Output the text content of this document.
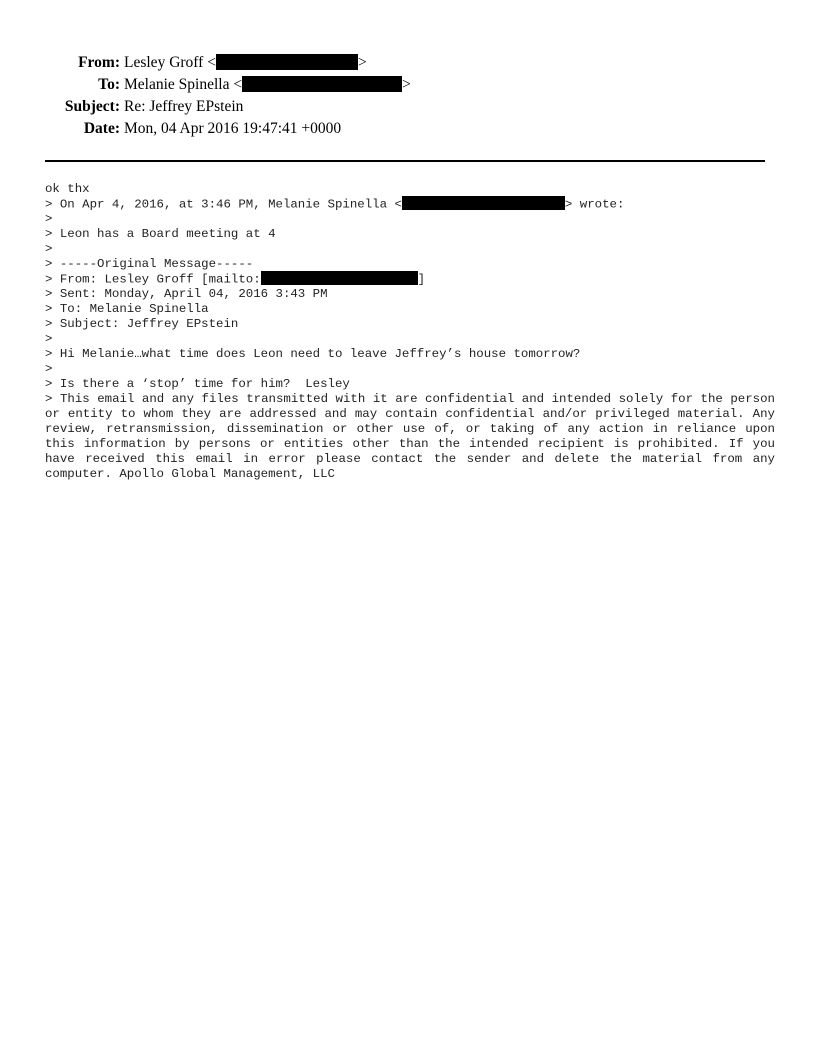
From: Lesley Groff <	>
To: Melanie Spinella <	>
Subject: Re: Jeffrey EPstein
Date: Mon, 04 Apr 2016 19:47:41 +0000
ok thx
> On Apr 4, 2016, at 3:46 PM, Melanie Spinella <	> wrote:
>
> Leon has a Board meeting at 4
>
> -----Original Message-----
> From: Lesley Groff [mailto:	]
> Sent: Monday, April 04, 2016 3:43 PM
> To: Melanie Spinella
> Subject: Jeffrey EPstein
>
> Hi Melanie…what time does Leon need to leave Jeffrey’s house tomorrow?
>
> Is there a ‘stop’ time for him?  Lesley
> This email and any files transmitted with it are confidential and intended solely for the person or entity to whom they are addressed and may contain confidential and/or privileged material. Any review, retransmission, dissemination or other use of, or taking of any action in reliance upon this information by persons or entities other than the intended recipient is prohibited. If you have received this email in error please contact the sender and delete the material from any computer. Apollo Global Management, LLC
